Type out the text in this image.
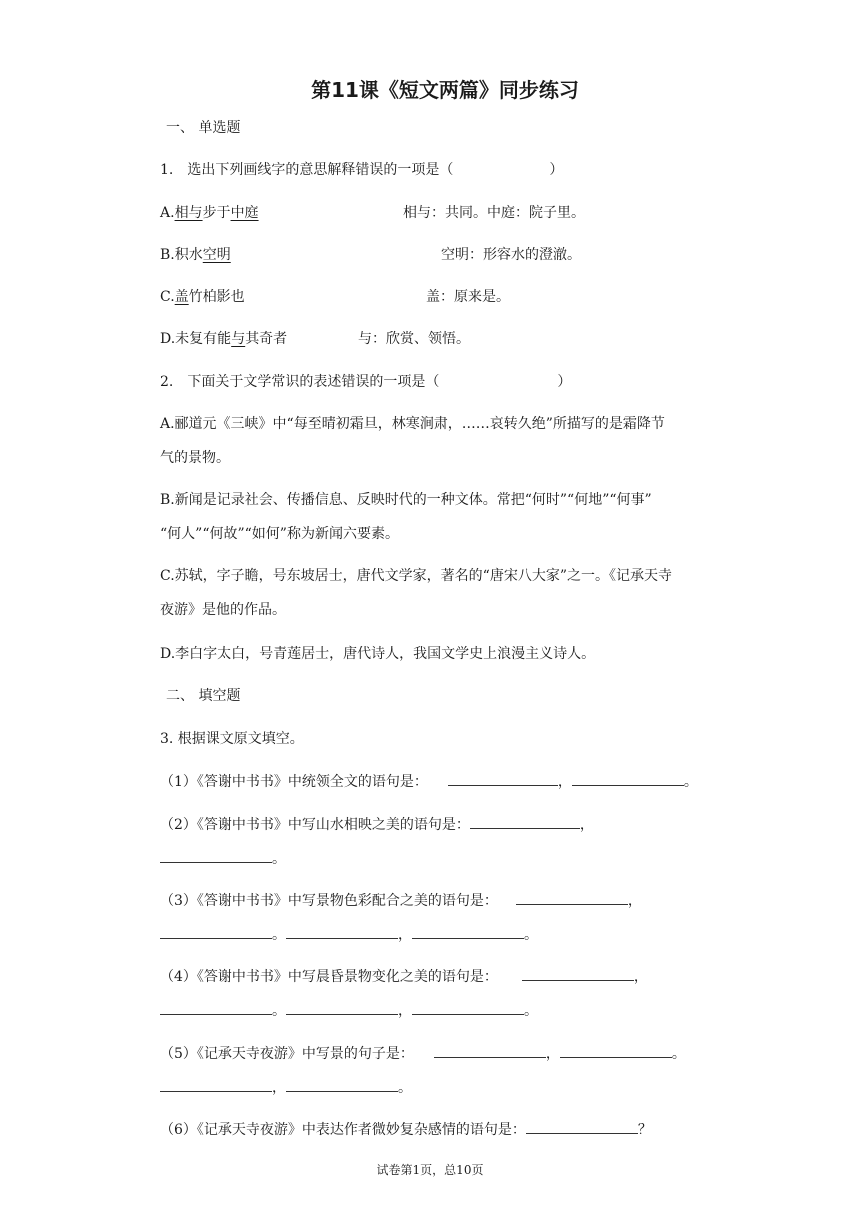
第11课《短文两篇》同步练习
一、 单选题
1.　选出下列画线字的意思解释错误的一项是（	）
A.相与步于中庭	相与：共同。中庭：院子里。
B.积水空明	空明：形容水的澄澈。
C.盖竹柏影也	盖：原来是。
D.未复有能与其奇者	与：欣赏、领悟。
2.　下面关于文学常识的表述错误的一项是（	）
A.郦道元《三峡》中“每至晴初霜旦，林寒涧肃，……哀转久绝”所描写的是霜降节
气的景物。
B.新闻是记录社会、传播信息、反映时代的一种文体。常把“何时”“何地”“何事”
“何人”“何故”“如何”称为新闻六要素。
C.苏轼，字子瞻，号东坡居士，唐代文学家，著名的“唐宋八大家”之一。《记承天寺
夜游》是他的作品。
D.李白字太白，号青莲居士，唐代诗人，我国文学史上浪漫主义诗人。
二、 填空题
3. 根据课文原文填空。
（1）《答谢中书书》中统领全文的语句是：	，	。
（2）《答谢中书书》中写山水相映之美的语句是：	，
。
（3）《答谢中书书》中写景物色彩配合之美的语句是：	，
。	，	。
（4）《答谢中书书》中写晨昏景物变化之美的语句是：	，
。	，	。
（5）《记承天寺夜游》中写景的句子是：	，	。
，	。
（6）《记承天寺夜游》中表达作者微妙复杂感情的语句是：	？
试卷第1页，总10页
